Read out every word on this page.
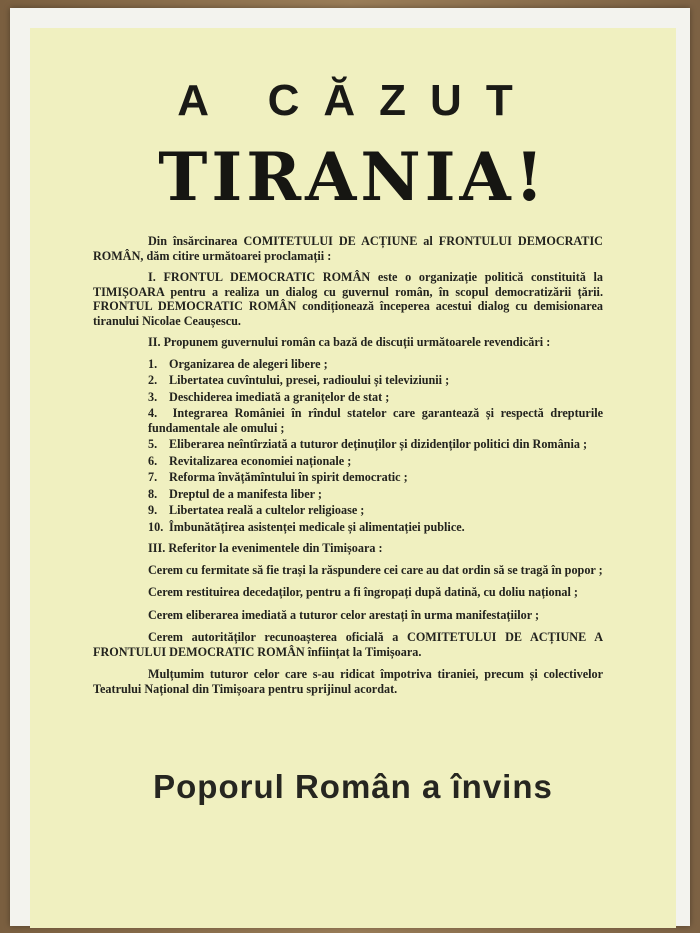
A CĂZUT
TIRANIA!

Din însărcinarea COMITETULUI DE ACȚIUNE al FRONTULUI DEMOCRATIC ROMÂN, dăm citire următoarei proclamații :

I. FRONTUL DEMOCRATIC ROMÂN este o organizație politică constituită la TIMIȘOARA pentru a realiza un dialog cu guvernul român, în scopul democratizării țării. FRONTUL DEMOCRATIC ROMÂN condiționează începerea acestui dialog cu demisionarea tiranului Nicolae Ceaușescu.

II. Propunem guvernului român ca bază de discuții următoarele revendicări :

1. Organizarea de alegeri libere ;
2. Libertatea cuvîntului, presei, radioului și televiziunii ;
3. Deschiderea imediată a granițelor de stat ;
4. Integrarea României în rîndul statelor care garantează și respectă drepturile fundamentale ale omului ;
5. Eliberarea neîntîrziată a tuturor deținuților și dizidenților politici din România ;
6. Revitalizarea economiei naționale ;
7. Reforma învățămîntului în spirit democratic ;
8. Dreptul de a manifesta liber ;
9. Libertatea reală a cultelor religioase ;
10. Îmbunătățirea asistenței medicale și alimentației publice.

III. Referitor la evenimentele din Timișoara :

Cerem cu fermitate să fie trași la răspundere cei care au dat ordin să se tragă în popor ;

Cerem restituirea decedaților, pentru a fi îngropați după datină, cu doliu național ;

Cerem eliberarea imediată a tuturor celor arestați în urma manifestațiilor ;

Cerem autorităților recunoașterea oficială a COMITETULUI DE ACȚIUNE A FRONTULUI DEMOCRATIC ROMÂN înființat la Timișoara.

Mulțumim tuturor celor care s-au ridicat împotriva tiraniei, precum și colectivelor Teatrului Național din Timișoara pentru sprijinul acordat.

Poporul Român a învins
